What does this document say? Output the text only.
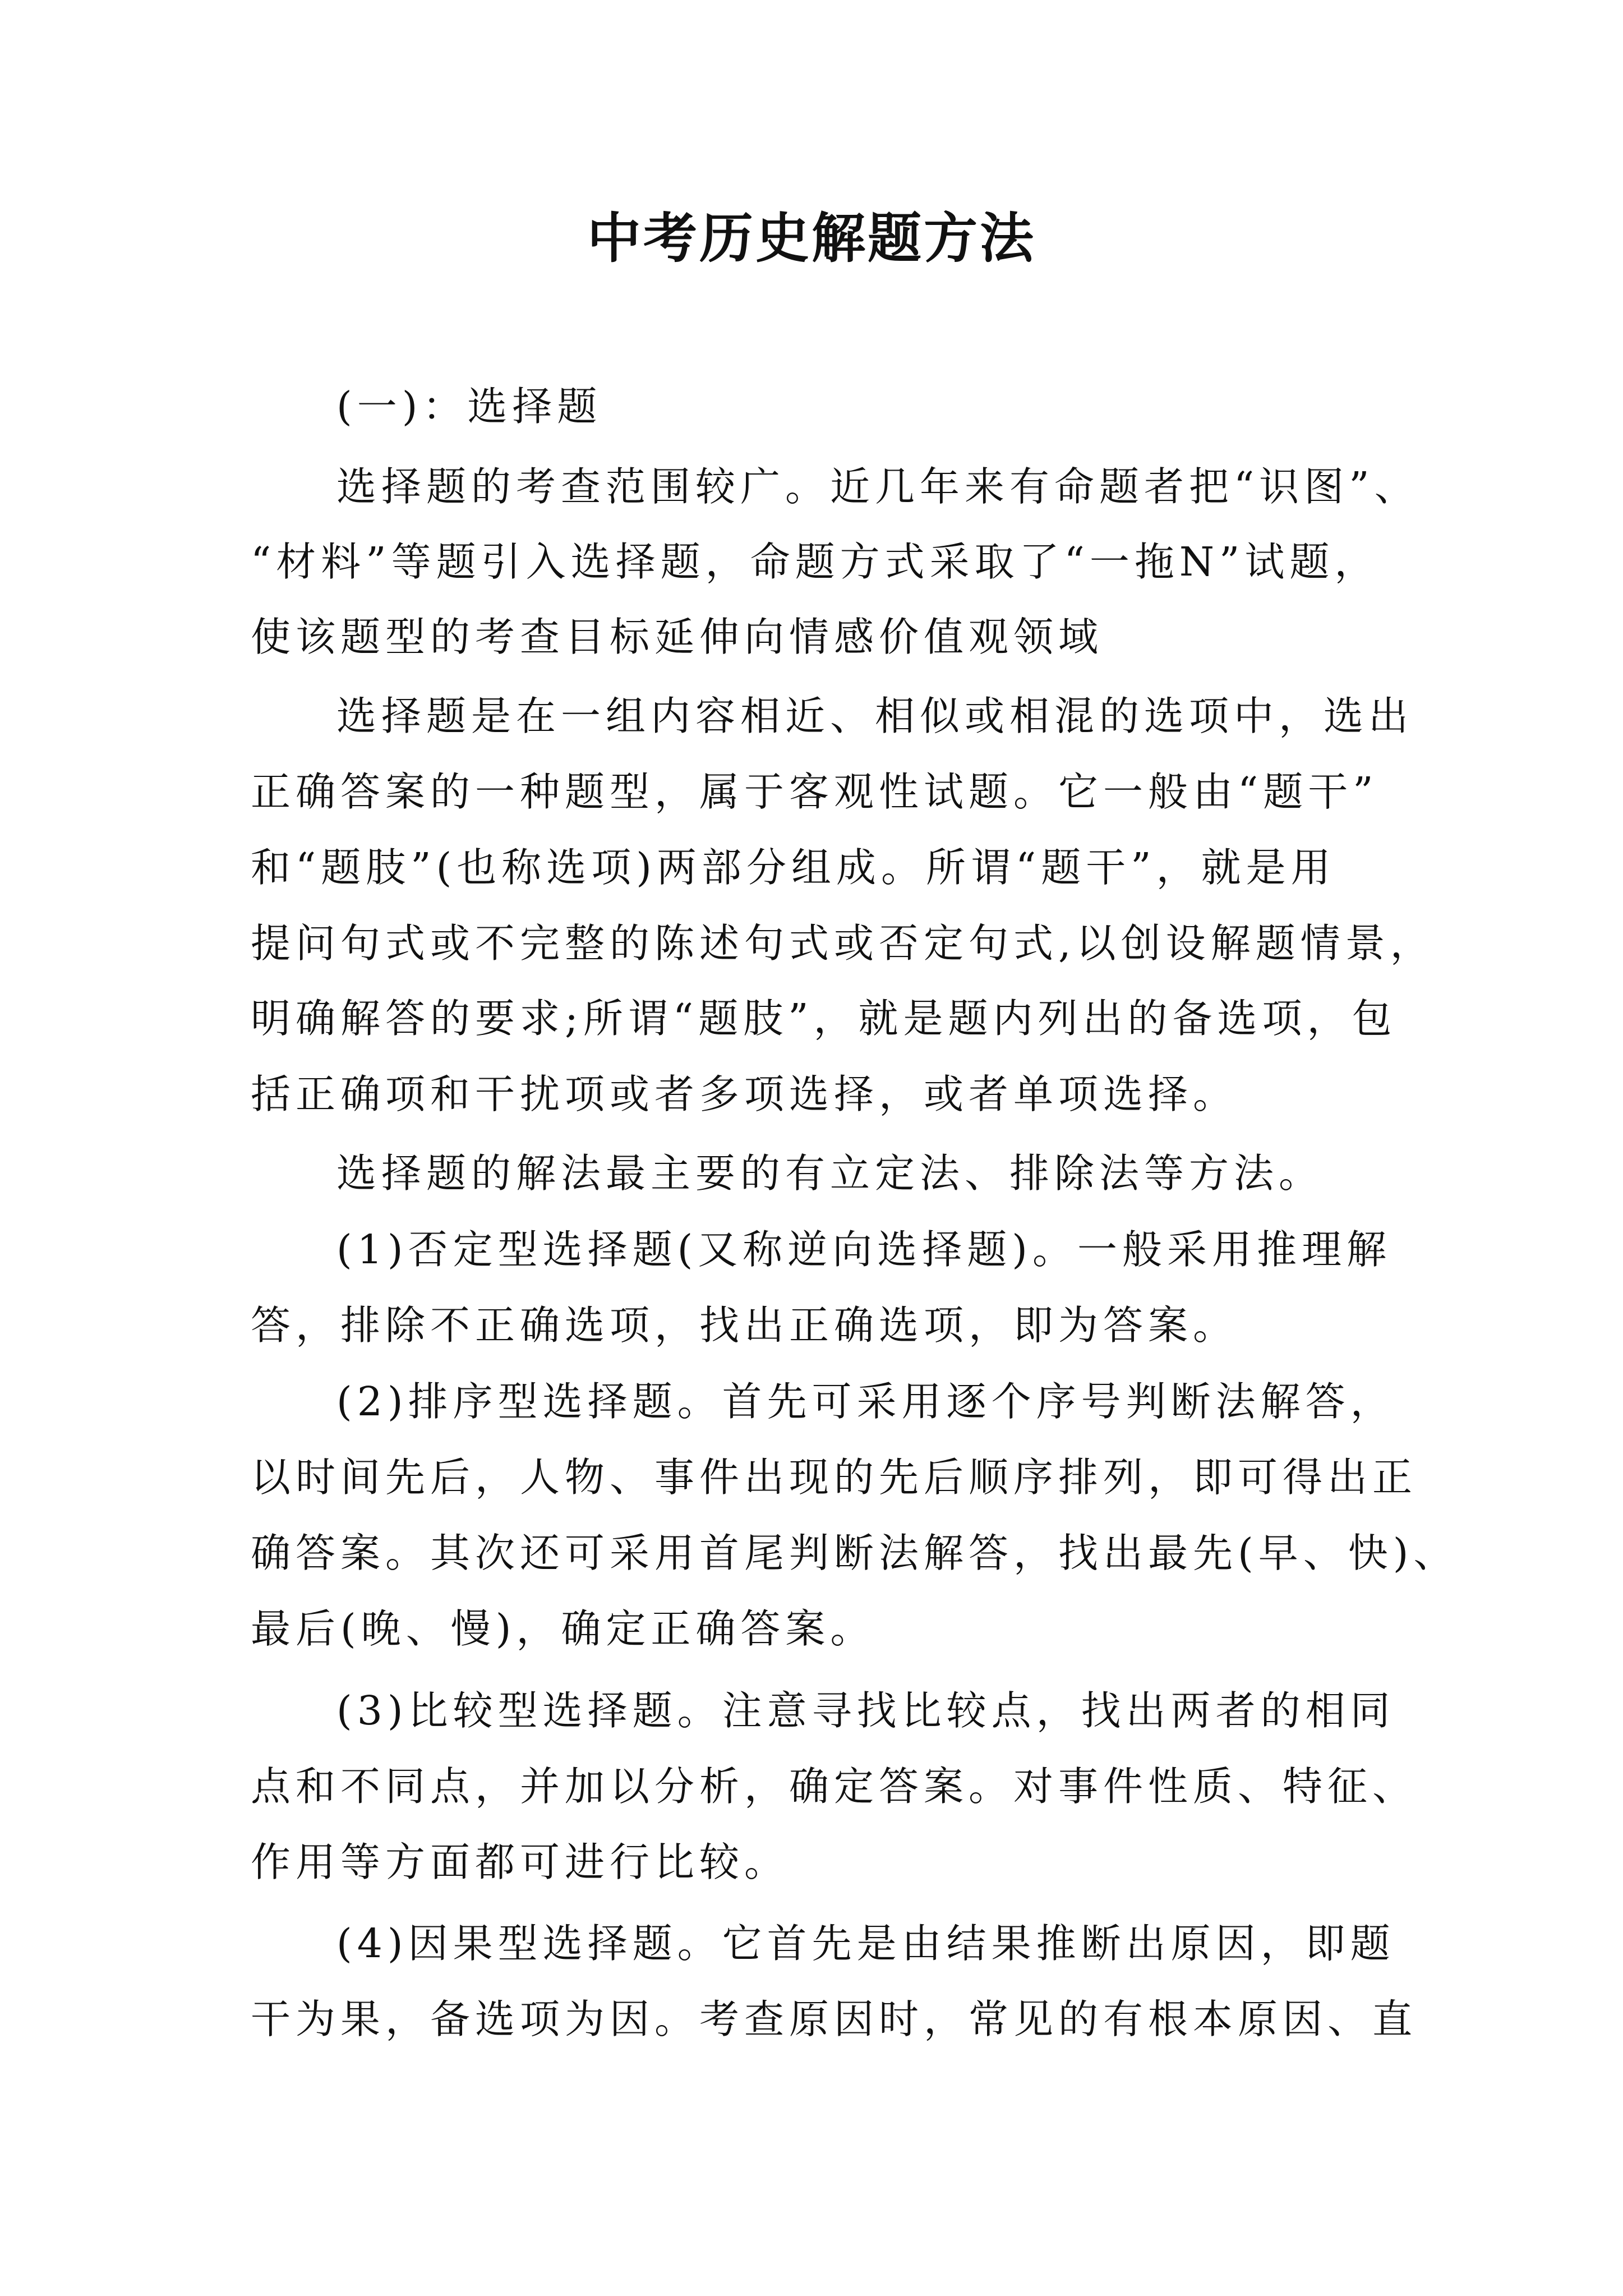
中考历史解题方法
(一)：选择题
选择题的考查范围较广。近几年来有命题者把“识图”、
“材料”等题引入选择题，命题方式采取了“一拖N”试题，
使该题型的考查目标延伸向情感价值观领域
选择题是在一组内容相近、相似或相混的选项中，选出
正确答案的一种题型，属于客观性试题。它一般由“题干”
和“题肢”(也称选项)两部分组成。所谓“题干”，就是用
提问句式或不完整的陈述句式或否定句式,以创设解题情景，
明确解答的要求;所谓“题肢”，就是题内列出的备选项，包
括正确项和干扰项或者多项选择，或者单项选择。
选择题的解法最主要的有立定法、排除法等方法。
(1)否定型选择题(又称逆向选择题)。一般采用推理解
答，排除不正确选项，找出正确选项，即为答案。
(2)排序型选择题。首先可采用逐个序号判断法解答，
以时间先后，人物、事件出现的先后顺序排列，即可得出正
确答案。其次还可采用首尾判断法解答，找出最先(早、快)、
最后(晚、慢)，确定正确答案。
(3)比较型选择题。注意寻找比较点，找出两者的相同
点和不同点，并加以分析，确定答案。对事件性质、特征、
作用等方面都可进行比较。
(4)因果型选择题。它首先是由结果推断出原因，即题
干为果，备选项为因。考查原因时，常见的有根本原因、直
